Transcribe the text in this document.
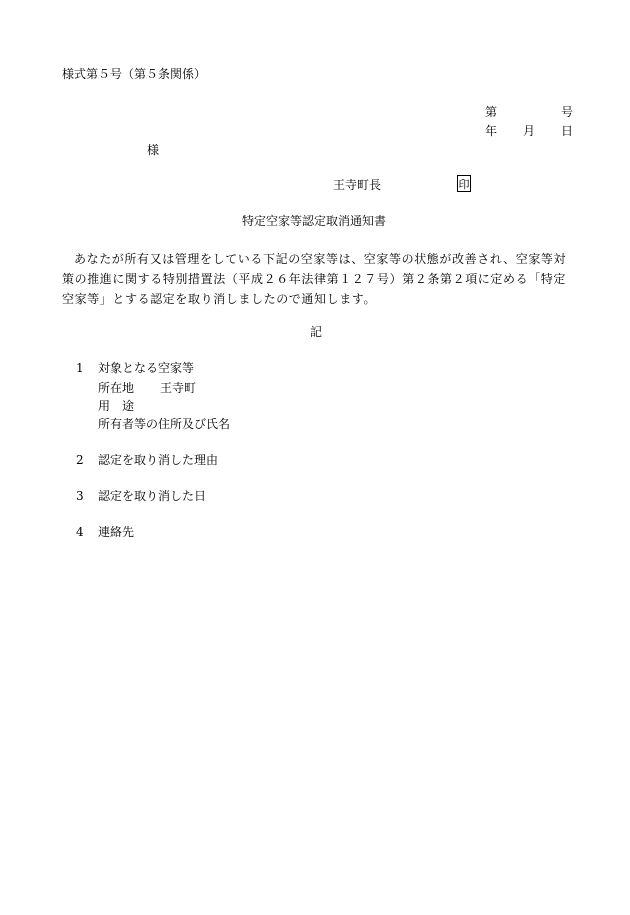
様式第５号（第５条関係）
第	号
年 月 日
様
王寺町長	印
特定空家等認定取消通知書
あなたが所有又は管理をしている下記の空家等は、空家等の状態が改善され、空家等対策の推進に関する特別措置法（平成２６年法律第１２７号）第２条第２項に定める「特定空家等」とする認定を取り消しましたので通知します。
記
1 対象となる空家等
所在地 王寺町
用　途
所有者等の住所及び氏名
2 認定を取り消した理由
3 認定を取り消した日
4 連絡先
